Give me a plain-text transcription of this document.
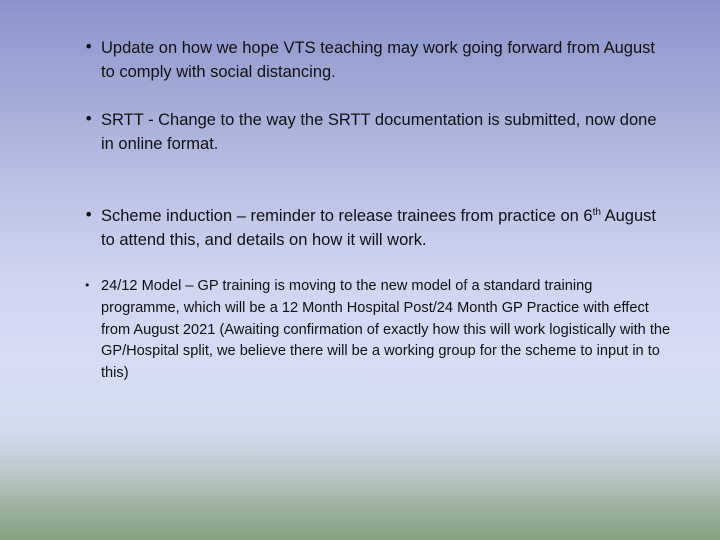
• Update on how we hope VTS teaching may work going forward from August to comply with social distancing.
• SRTT - Change to the way the SRTT documentation is submitted, now done in online format.
• Scheme induction – reminder to release trainees from practice on 6th August to attend this, and details on how it will work.
• 24/12 Model – GP training is moving to the new model of a standard training programme, which will be a 12 Month Hospital Post/24 Month GP Practice with effect from August 2021 (Awaiting confirmation of exactly how this will work logistically with the GP/Hospital split, we believe there will be a working group for the scheme to input in to this)
